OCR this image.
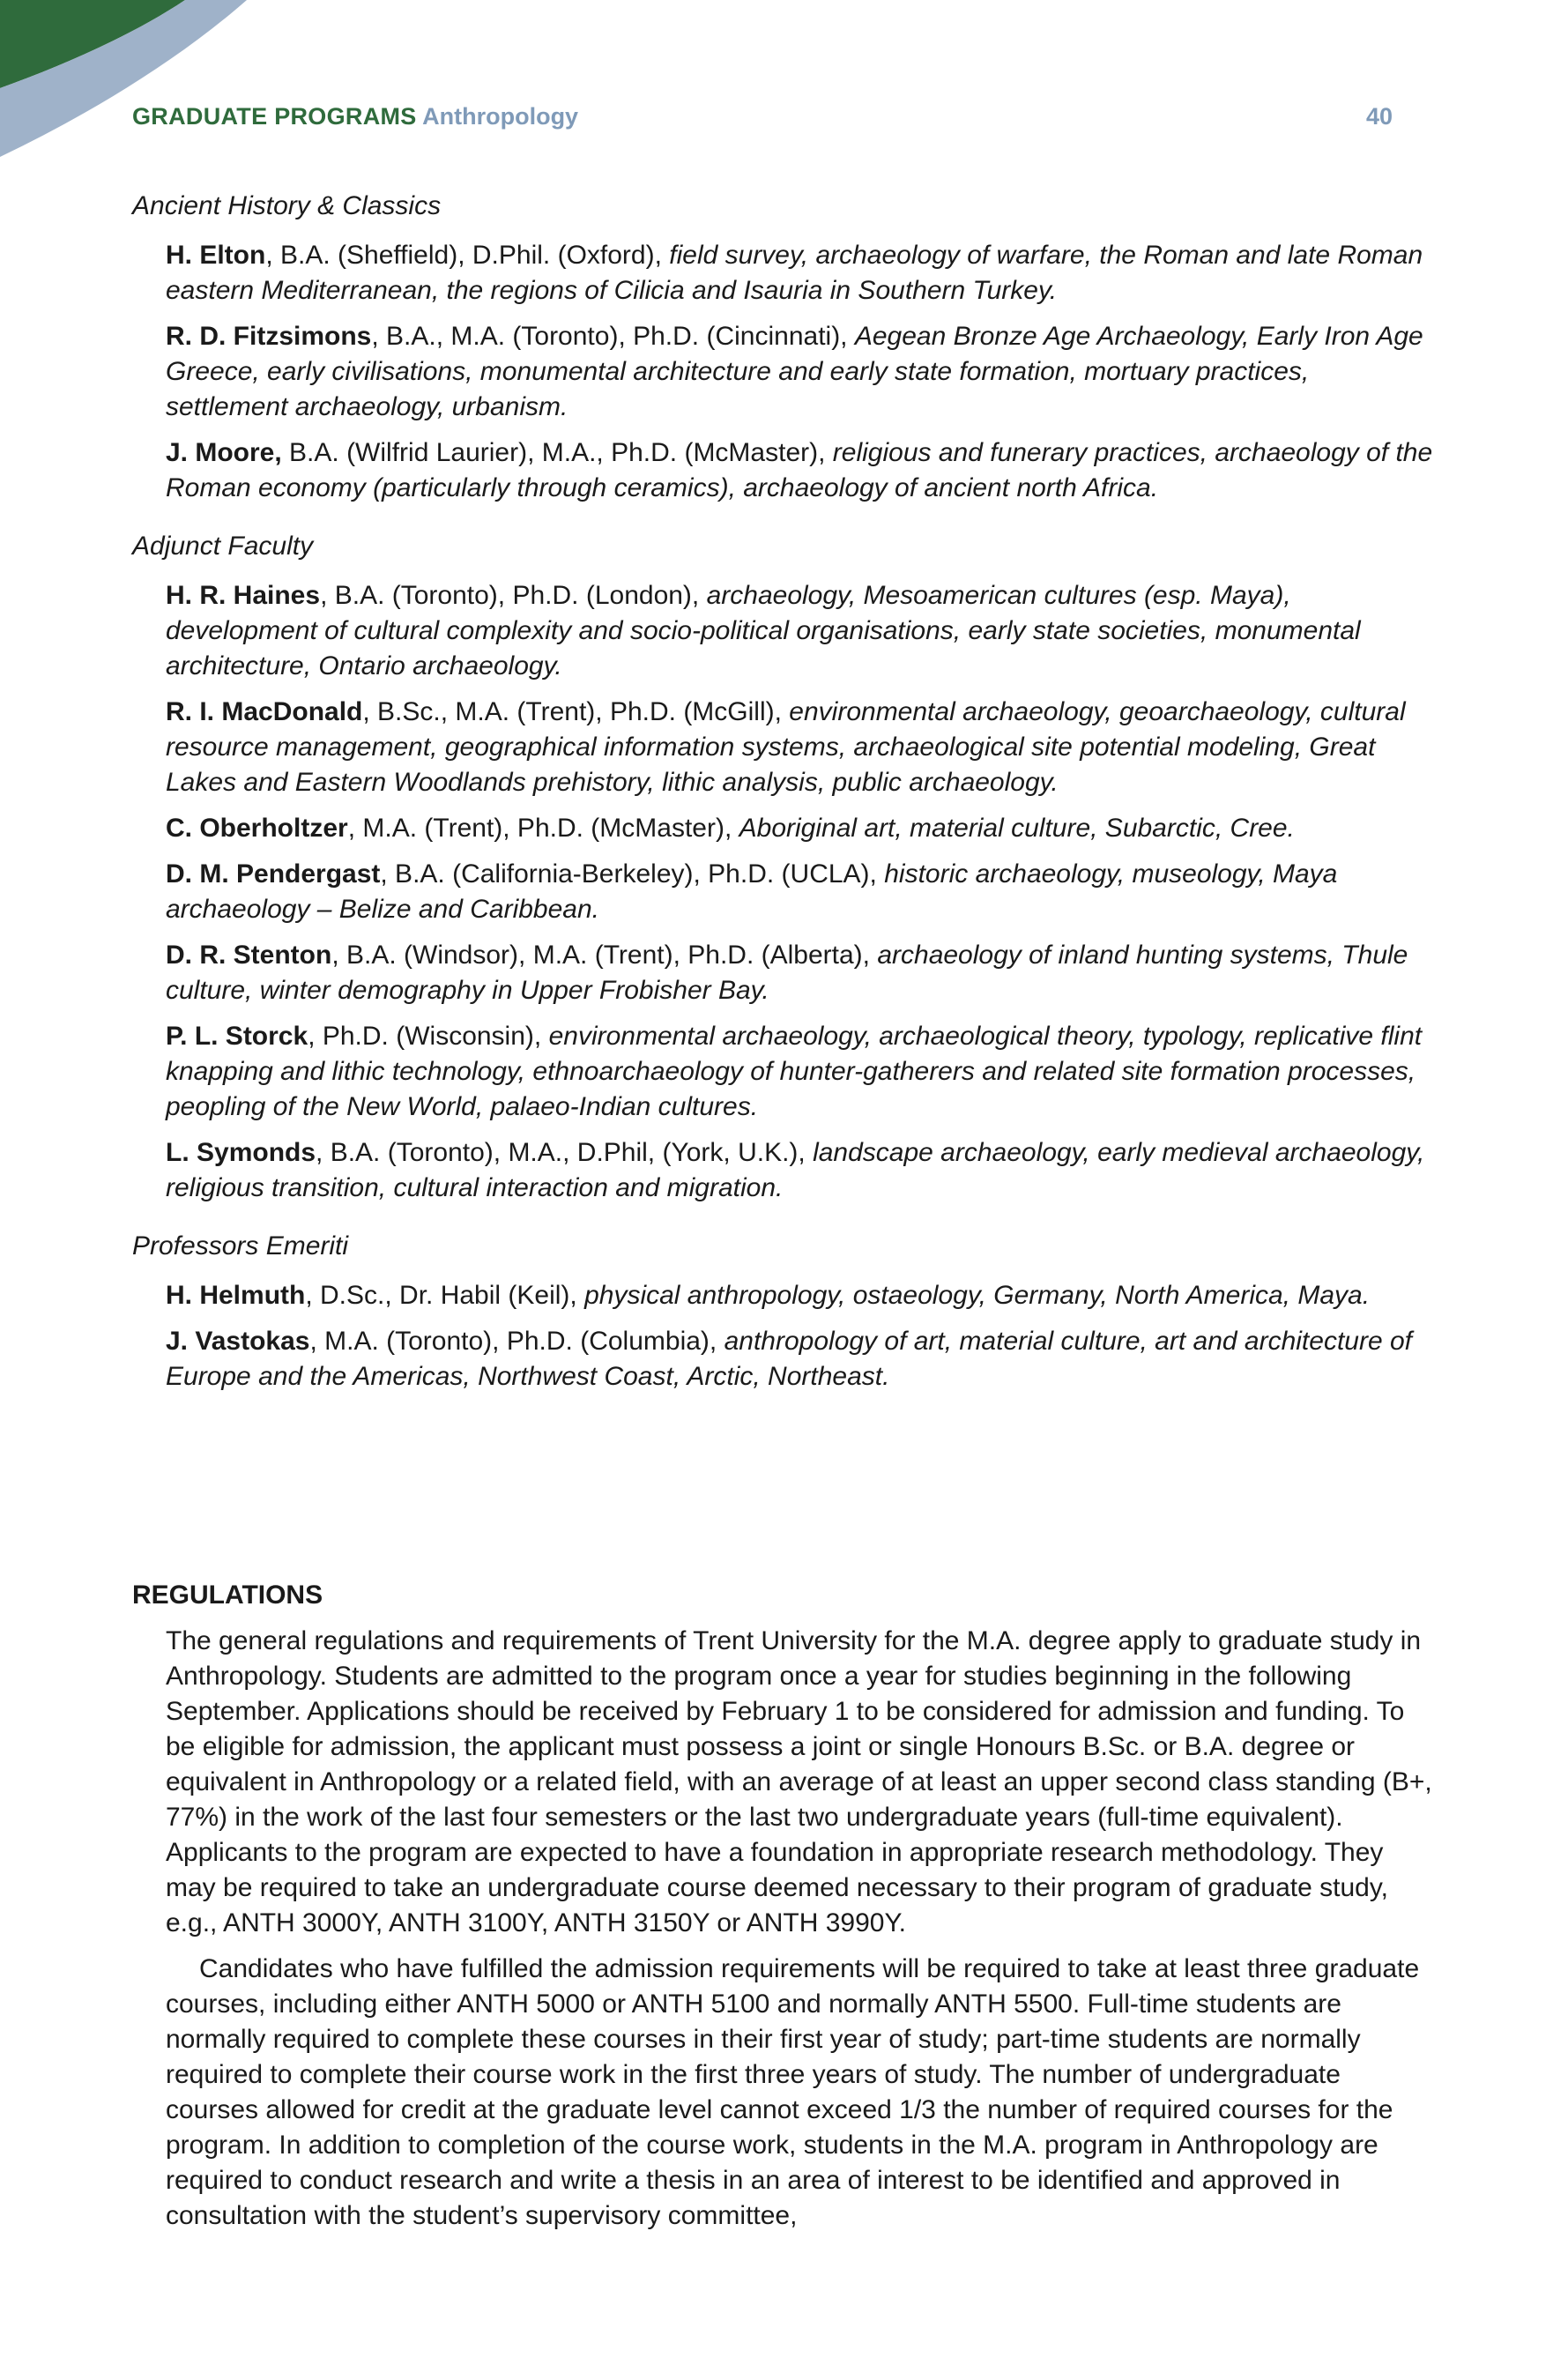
GRADUATE PROGRAMS Anthropology	40
Ancient History & Classics
H. Elton, B.A. (Sheffield), D.Phil. (Oxford), field survey, archaeology of warfare, the Roman and late Roman eastern Mediterranean, the regions of Cilicia and Isauria in Southern Turkey.
R. D. Fitzsimons, B.A., M.A. (Toronto), Ph.D. (Cincinnati), Aegean Bronze Age Archaeology, Early Iron Age Greece, early civilisations, monumental architecture and early state formation, mortuary practices, settlement archaeology, urbanism.
J. Moore, B.A. (Wilfrid Laurier), M.A., Ph.D. (McMaster), religious and funerary practices, archaeology of the Roman economy (particularly through ceramics), archaeology of ancient north Africa.
Adjunct Faculty
H. R. Haines, B.A. (Toronto), Ph.D. (London), archaeology, Mesoamerican cultures (esp. Maya), development of cultural complexity and socio-political organisations, early state societies, monumental architecture, Ontario archaeology.
R. I. MacDonald, B.Sc., M.A. (Trent), Ph.D. (McGill), environmental archaeology, geoarchaeology, cultural resource management, geographical information systems, archaeological site potential modeling, Great Lakes and Eastern Woodlands prehistory, lithic analysis, public archaeology.
C. Oberholtzer, M.A. (Trent), Ph.D. (McMaster), Aboriginal art, material culture, Subarctic, Cree.
D. M. Pendergast, B.A. (California-Berkeley), Ph.D. (UCLA), historic archaeology, museology, Maya archaeology – Belize and Caribbean.
D. R. Stenton, B.A. (Windsor), M.A. (Trent), Ph.D. (Alberta), archaeology of inland hunting systems, Thule culture, winter demography in Upper Frobisher Bay.
P. L. Storck, Ph.D. (Wisconsin), environmental archaeology, archaeological theory, typology, replicative flint knapping and lithic technology, ethnoarchaeology of hunter-gatherers and related site formation processes, peopling of the New World, palaeo-Indian cultures.
L. Symonds, B.A. (Toronto), M.A., D.Phil, (York, U.K.), landscape archaeology, early medieval archaeology, religious transition, cultural interaction and migration.
Professors Emeriti
H. Helmuth, D.Sc., Dr. Habil (Keil), physical anthropology, ostaeology, Germany, North America, Maya.
J. Vastokas, M.A. (Toronto), Ph.D. (Columbia), anthropology of art, material culture, art and architecture of Europe and the Americas, Northwest Coast, Arctic, Northeast.
REGULATIONS

The general regulations and requirements of Trent University for the M.A. degree apply to graduate study in Anthropology. Students are admitted to the program once a year for studies beginning in the following September. Applications should be received by February 1 to be considered for admission and funding. To be eligible for admission, the applicant must possess a joint or single Honours B.Sc. or B.A. degree or equivalent in Anthropology or a related field, with an average of at least an upper second class standing (B+, 77%) in the work of the last four semesters or the last two undergraduate years (full-time equivalent). Applicants to the program are expected to have a foundation in appropriate research methodology. They may be required to take an undergraduate course deemed necessary to their program of graduate study, e.g., ANTH 3000Y, ANTH 3100Y, ANTH 3150Y or ANTH 3990Y.

Candidates who have fulfilled the admission requirements will be required to take at least three graduate courses, including either ANTH 5000 or ANTH 5100 and normally ANTH 5500. Full-time students are normally required to complete these courses in their first year of study; part-time students are normally required to complete their course work in the first three years of study. The number of undergraduate courses allowed for credit at the graduate level cannot exceed 1/3 the number of required courses for the program. In addition to completion of the course work, students in the M.A. program in Anthropology are required to conduct research and write a thesis in an area of interest to be identified and approved in consultation with the student’s supervisory committee,
